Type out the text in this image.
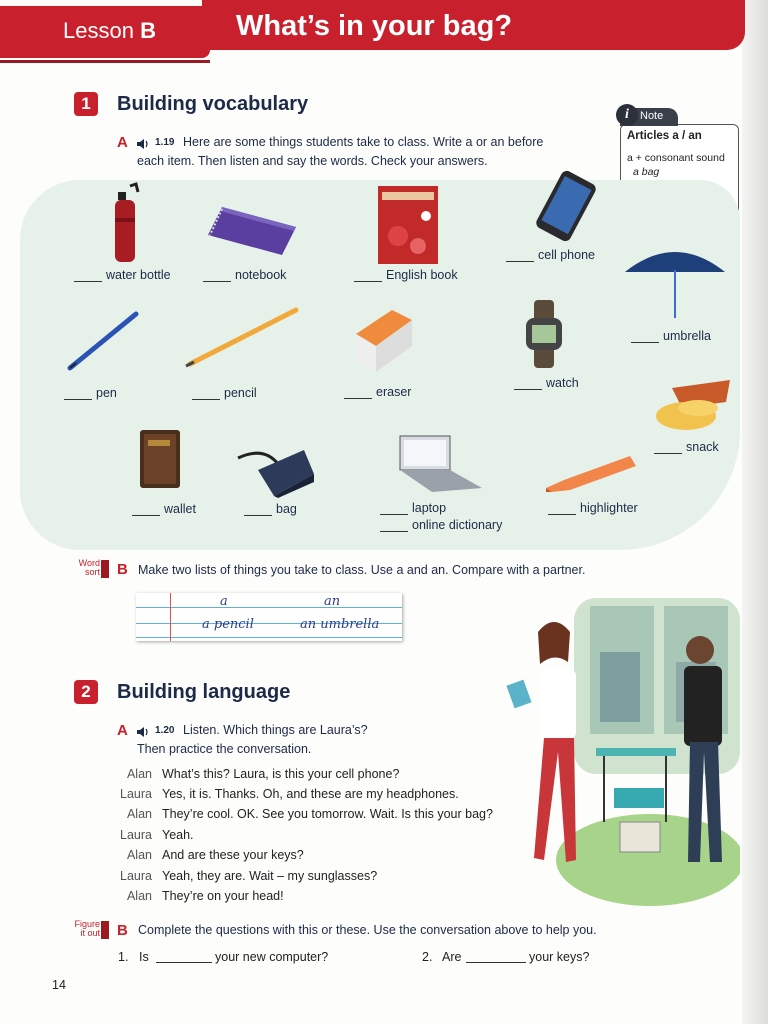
Lesson B	What’s in your bag?
1	Building vocabulary
A	1.19 Here are some things students take to class. Write a or an before
each item. Then listen and say the words. Check your answers.
i	Note
Articles a / an
a + consonant sound
a bag
water bottle	notebook	English book
cell phone
umbrella
pen	pencil	eraser
watch
snack
wallet	bag	laptop
online dictionary
highlighter
Word
sort B Make two lists of things you take to class. Use a and an. Compare with a partner.
a	an
a pencil	an umbrella
2	Building language
A	1.20 Listen. Which things are Laura’s?
Then practice the conversation.
Alan What’s this? Laura, is this your cell phone?
Laura Yes, it is. Thanks. Oh, and these are my headphones.
Alan They’re cool. OK. See you tomorrow. Wait. Is this your bag?
Laura Yeah.
Alan And are these your keys?
Laura Yeah, they are. Wait – my sunglasses?
Alan They’re on your head!
Figure
it out B Complete the questions with this or these. Use the conversation above to help you.
1. Is	your new computer?	2. Are	your keys?
14
